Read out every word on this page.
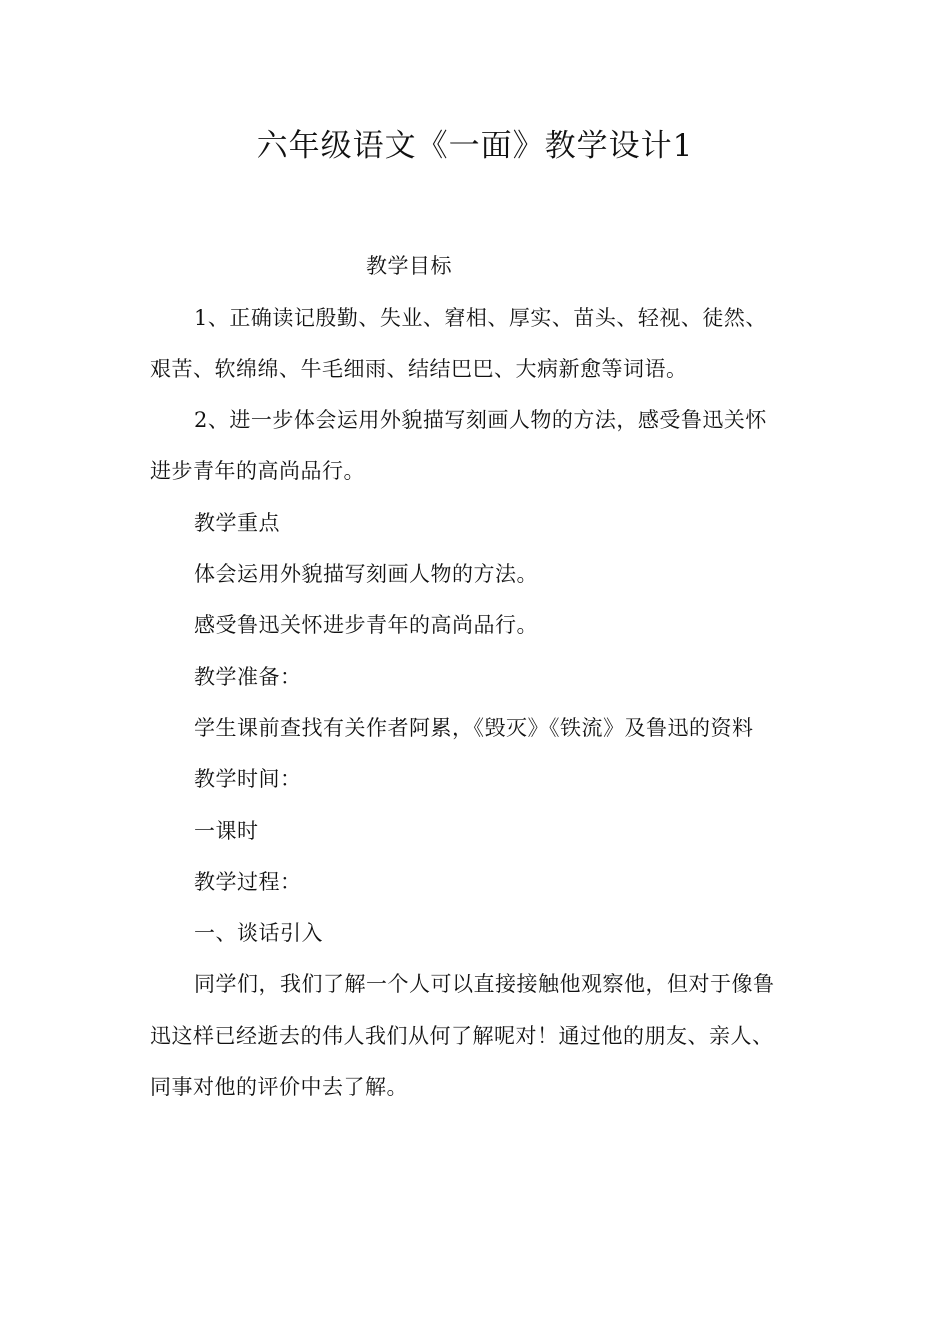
六年级语文《一面》教学设计1
教学目标
1、正确读记殷勤、失业、窘相、厚实、苗头、轻视、徒然、
艰苦、软绵绵、牛毛细雨、结结巴巴、大病新愈等词语。
2、进一步体会运用外貌描写刻画人物的方法，感受鲁迅关怀
进步青年的高尚品行。
教学重点
体会运用外貌描写刻画人物的方法。
感受鲁迅关怀进步青年的高尚品行。
教学准备：
学生课前查找有关作者阿累，《毁灭》《铁流》及鲁迅的资料
教学时间：
一课时
教学过程：
一、谈话引入
同学们，我们了解一个人可以直接接触他观察他，但对于像鲁
迅这样已经逝去的伟人我们从何了解呢对！通过他的朋友、亲人、
同事对他的评价中去了解。
